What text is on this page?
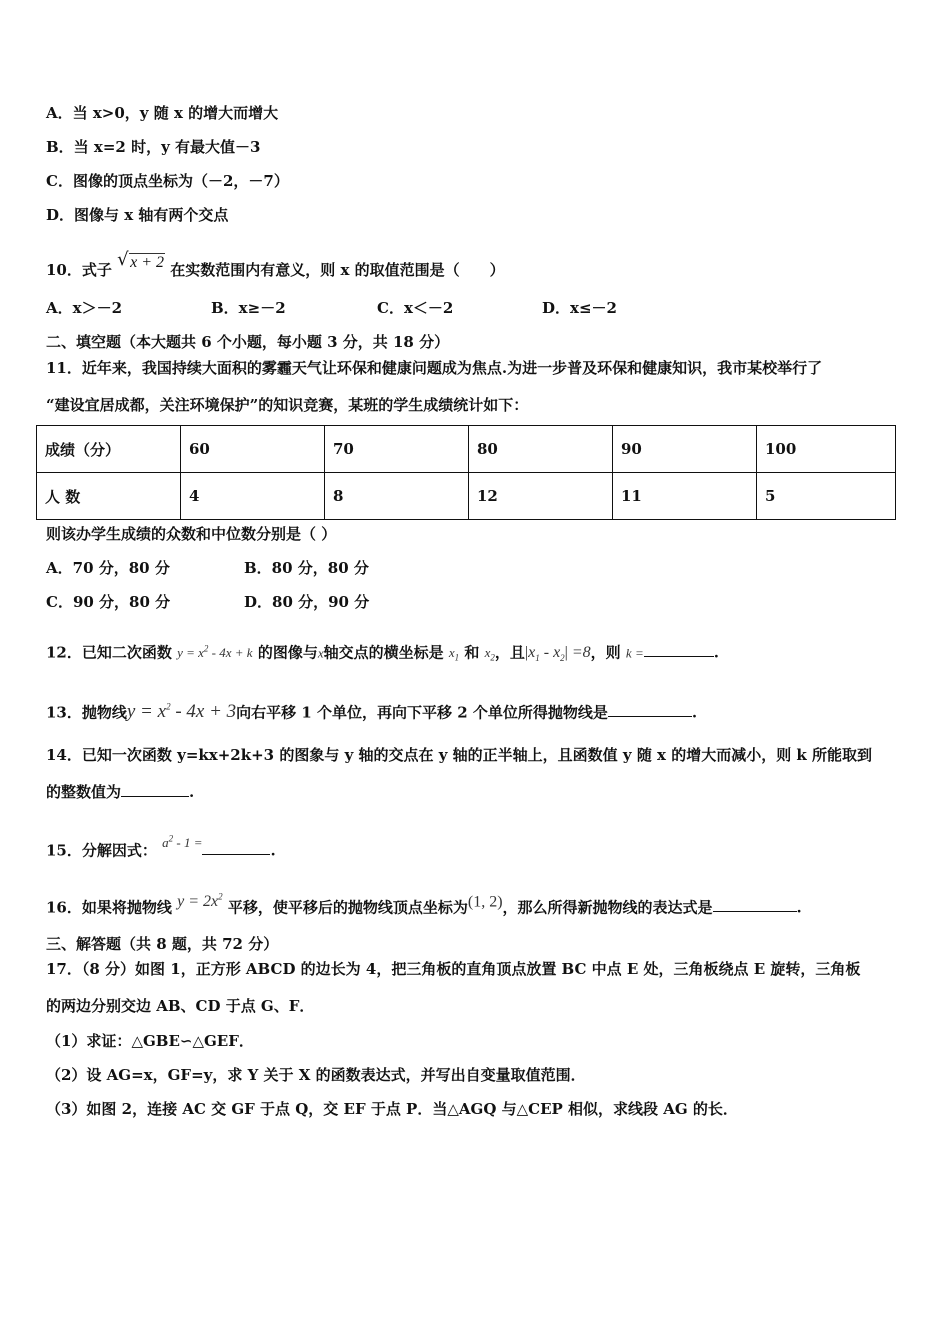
A．当 x>0，y 随 x 的增大而增大
B．当 x=2 时，y 有最大值－3
C．图像的顶点坐标为（－2，－7）
D．图像与 x 轴有两个交点
10．式子 √ x + 2 在实数范围内有意义，则 x 的取值范围是（　　）
A．x＞－2	B．x≥－2	C．x＜－2	D．x≤－2
二、填空题（本大题共 6 个小题，每小题 3 分，共 18 分）
11．近年来，我国持续大面积的雾霾天气让环保和健康问题成为焦点.为进一步普及环保和健康知识，我市某校举行了
“建设宜居成都，关注环境保护”的知识竞赛，某班的学生成绩统计如下：
成绩（分）	60	70	80	90	100
人 数	4	8	12	11	5
则该办学生成绩的众数和中位数分别是（ ）
A．70 分，80 分	B．80 分，80 分
C．90 分，80 分	D．80 分，90 分
12．已知二次函数 $y = x^2 - 4x + k$ 的图像与x轴交点的横坐标是 $x_1$ 和 $x_2$，且$|x_1 - x_2| =8$，则 k =	.
13．抛物线$y = x^2 - 4x + 3$向右平移 1 个单位，再向下平移 2 个单位所得抛物线是	.
14．已知一次函数 y=kx+2k+3 的图象与 y 轴的交点在 y 轴的正半轴上，且函数值 y 随 x 的增大而减小，则 k 所能取到
的整数值为	.
15．分解因式： $a^2 - 1$ =	.
16．如果将抛物线 $y = 2x^2$ 平移，使平移后的抛物线顶点坐标为(1, 2)，那么所得新抛物线的表达式是	.
三、解答题（共 8 题，共 72 分）
17．（8 分）如图 1，正方形 ABCD 的边长为 4，把三角板的直角顶点放置 BC 中点 E 处，三角板绕点 E 旋转，三角板
的两边分别交边 AB、CD 于点 G、F．
（1）求证：△GBE∽△GEF．
（2）设 AG=x，GF=y，求 Y 关于 X 的函数表达式，并写出自变量取值范围．
（3）如图 2，连接 AC 交 GF 于点 Q，交 EF 于点 P．当△AGQ 与△CEP 相似，求线段 AG 的长．
